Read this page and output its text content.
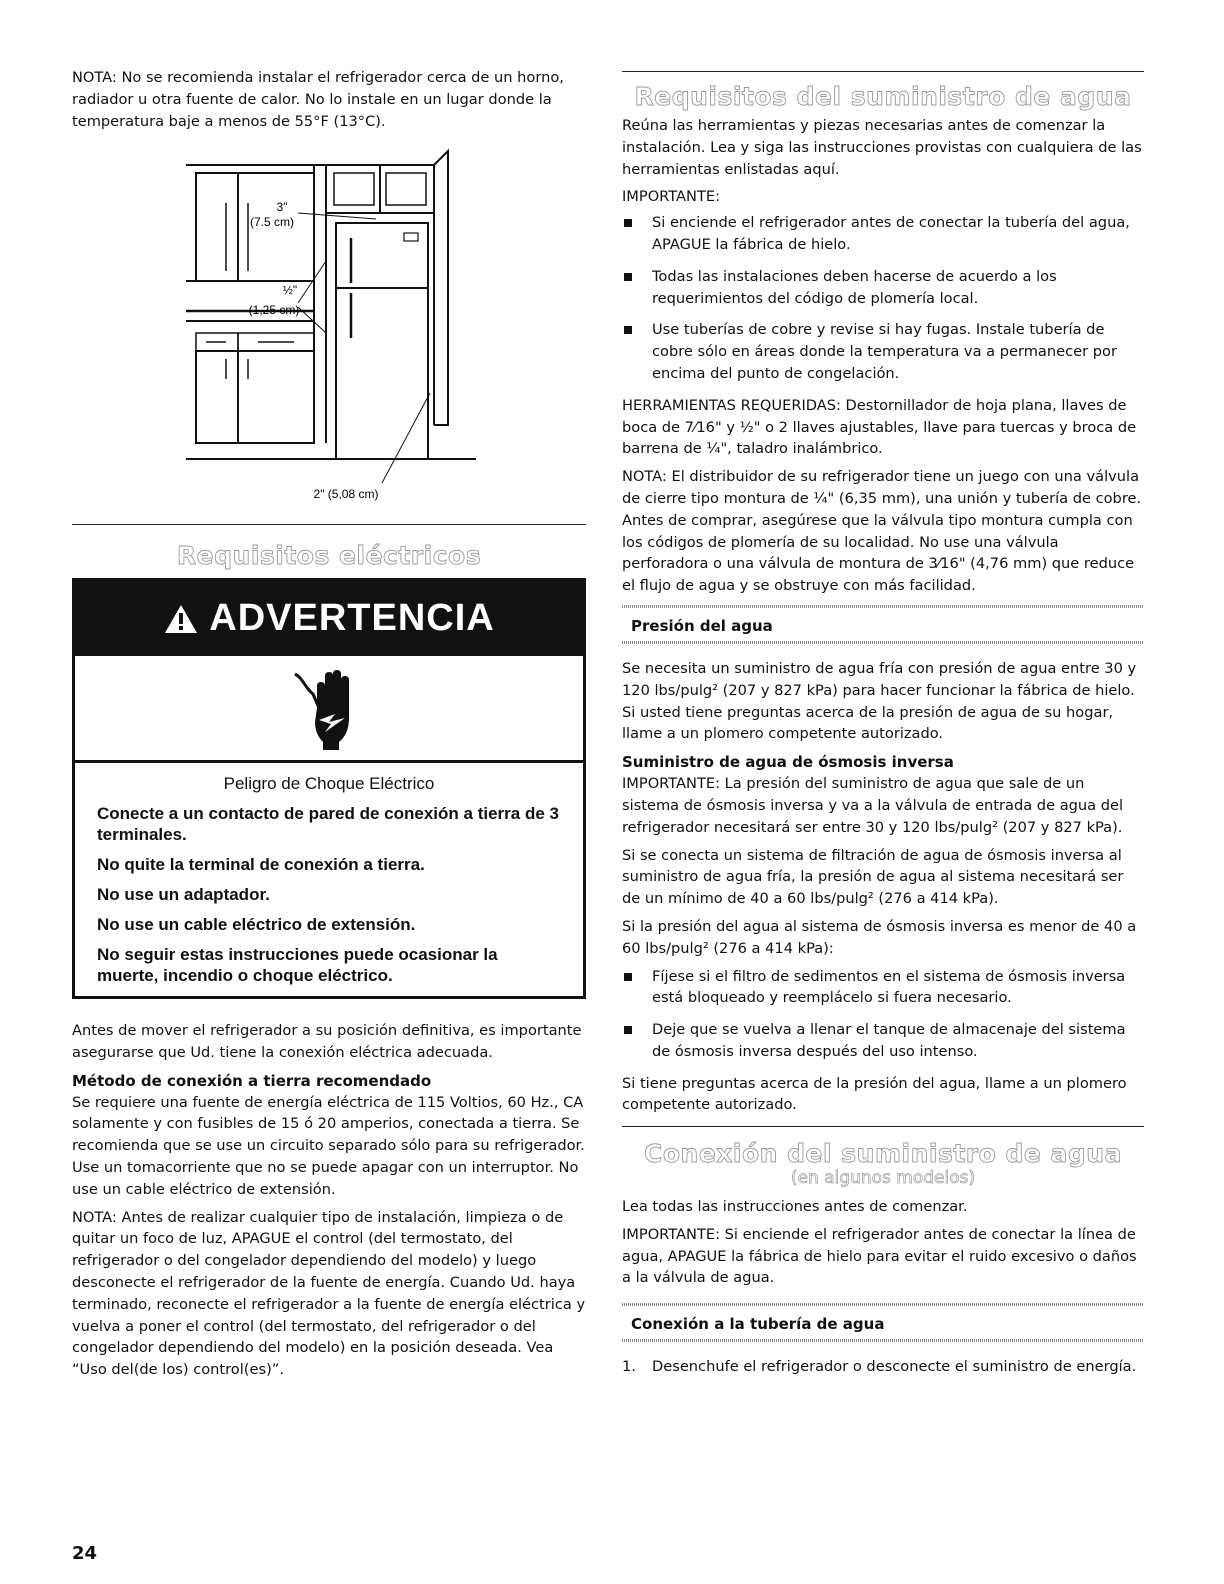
NOTA: No se recomienda instalar el refrigerador cerca de un horno, radiador u otra fuente de calor. No lo instale en un lugar donde la temperatura baje a menos de 55°F (13°C).

3"
(7.5 cm)
½"
(1,25 cm)
2" (5,08 cm)
Requisitos eléctricos
ADVERTENCIA

Peligro de Choque Eléctrico

Conecte a un contacto de pared de conexión a tierra de 3 terminales.

No quite la terminal de conexión a tierra.

No use un adaptador.

No use un cable eléctrico de extensión.

No seguir estas instrucciones puede ocasionar la muerte, incendio o choque eléctrico.

Antes de mover el refrigerador a su posición definitiva, es importante asegurarse que Ud. tiene la conexión eléctrica adecuada.

Método de conexión a tierra recomendado

Se requiere una fuente de energía eléctrica de 115 Voltios, 60 Hz., CA solamente y con fusibles de 15 ó 20 amperios, conectada a tierra. Se recomienda que se use un circuito separado sólo para su refrigerador. Use un tomacorriente que no se puede apagar con un interruptor. No use un cable eléctrico de extensión.

NOTA: Antes de realizar cualquier tipo de instalación, limpieza o de quitar un foco de luz, APAGUE el control (del termostato, del refrigerador o del congelador dependiendo del modelo) y luego desconecte el refrigerador de la fuente de energía. Cuando Ud. haya terminado, reconecte el refrigerador a la fuente de energía eléctrica y vuelva a poner el control (del termostato, del refrigerador o del congelador dependiendo del modelo) en la posición deseada. Vea “Uso del(de los) control(es)”.

24
Requisitos del suministro de agua

Reúna las herramientas y piezas necesarias antes de comenzar la instalación. Lea y siga las instrucciones provistas con cualquiera de las herramientas enlistadas aquí.

IMPORTANTE:

Si enciende el refrigerador antes de conectar la tubería del agua, APAGUE la fábrica de hielo.
Todas las instalaciones deben hacerse de acuerdo a los requerimientos del código de plomería local.
Use tuberías de cobre y revise si hay fugas. Instale tubería de cobre sólo en áreas donde la temperatura va a permanecer por encima del punto de congelación.

HERRAMIENTAS REQUERIDAS: Destornillador de hoja plana, llaves de boca de 7⁄16" y ½" o 2 llaves ajustables, llave para tuercas y broca de barrena de ¼", taladro inalámbrico.

NOTA: El distribuidor de su refrigerador tiene un juego con una válvula de cierre tipo montura de ¼" (6,35 mm), una unión y tubería de cobre. Antes de comprar, asegúrese que la válvula tipo montura cumpla con los códigos de plomería de su localidad. No use una válvula perforadora o una válvula de montura de 3⁄16" (4,76 mm) que reduce el flujo de agua y se obstruye con más facilidad.

Presión del agua

Se necesita un suministro de agua fría con presión de agua entre 30 y 120 lbs/pulg² (207 y 827 kPa) para hacer funcionar la fábrica de hielo. Si usted tiene preguntas acerca de la presión de agua de su hogar, llame a un plomero competente autorizado.

Suministro de agua de ósmosis inversa

IMPORTANTE: La presión del suministro de agua que sale de un sistema de ósmosis inversa y va a la válvula de entrada de agua del refrigerador necesitará ser entre 30 y 120 lbs/pulg² (207 y 827 kPa).

Si se conecta un sistema de filtración de agua de ósmosis inversa al suministro de agua fría, la presión de agua al sistema necesitará ser de un mínimo de 40 a 60 lbs/pulg² (276 a 414 kPa).

Si la presión del agua al sistema de ósmosis inversa es menor de 40 a 60 lbs/pulg² (276 a 414 kPa):

Fíjese si el filtro de sedimentos en el sistema de ósmosis inversa está bloqueado y reemplácelo si fuera necesario.
Deje que se vuelva a llenar el tanque de almacenaje del sistema de ósmosis inversa después del uso intenso.

Si tiene preguntas acerca de la presión del agua, llame a un plomero competente autorizado.

Conexión del suministro de agua

(en algunos modelos)

Lea todas las instrucciones antes de comenzar.

IMPORTANTE: Si enciende el refrigerador antes de conectar la línea de agua, APAGUE la fábrica de hielo para evitar el ruido excesivo o daños a la válvula de agua.

Conexión a la tubería de agua

1. Desenchufe el refrigerador o desconecte el suministro de energía.
